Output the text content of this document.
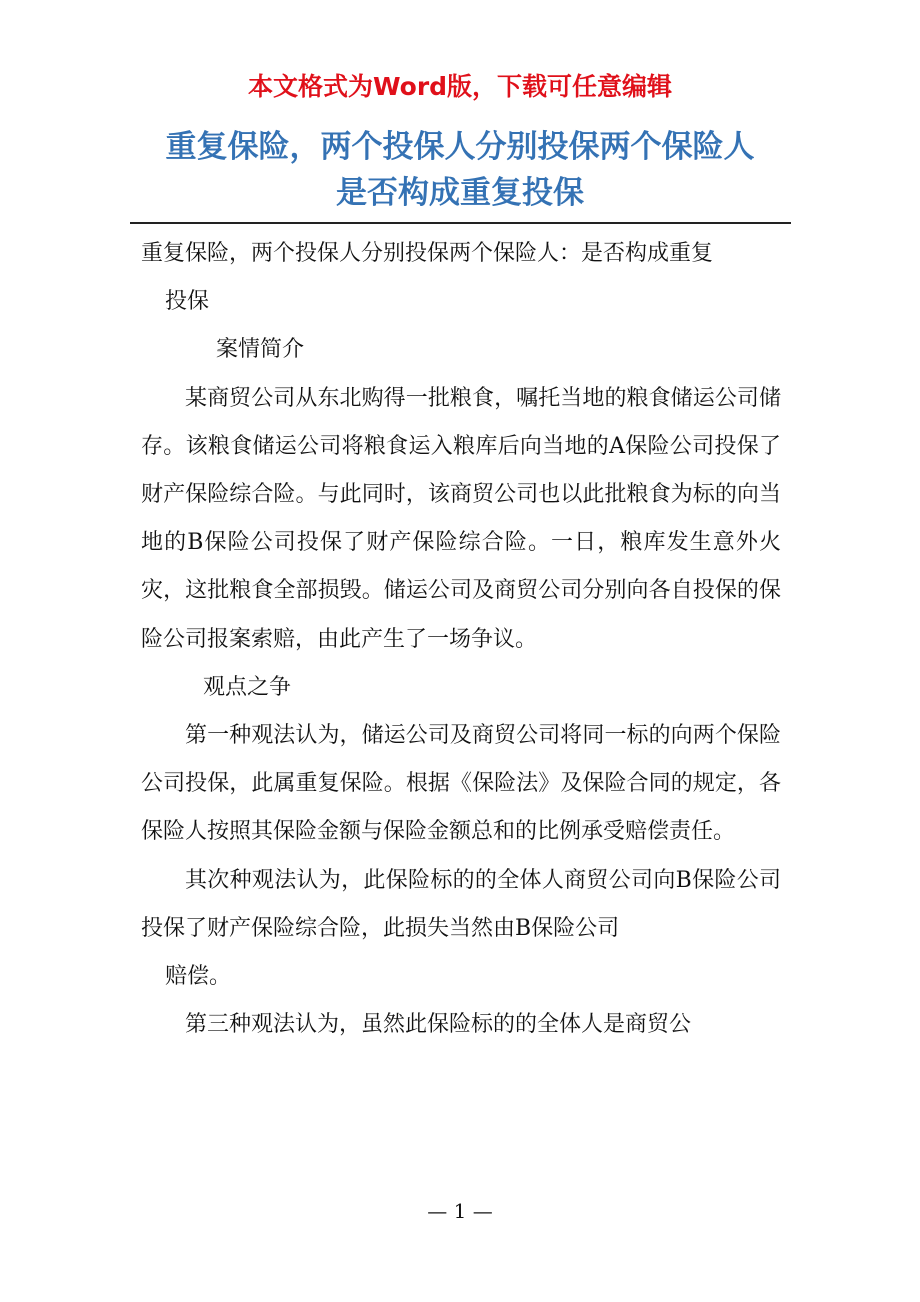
本文格式为Word版，下载可任意编辑
重复保险，两个投保人分别投保两个保险人
是否构成重复投保

重复保险，两个投保人分别投保两个保险人：是否构成重复

投保

案情简介

某商贸公司从东北购得一批粮食，嘱托当地的粮食储运公司储存。该粮食储运公司将粮食运入粮库后向当地的A保险公司投保了财产保险综合险。与此同时，该商贸公司也以此批粮食为标的向当地的B保险公司投保了财产保险综合险。一日，粮库发生意外火灾，这批粮食全部损毁。储运公司及商贸公司分别向各自投保的保险公司报案索赔，由此产生了一场争议。

观点之争

第一种观法认为，储运公司及商贸公司将同一标的向两个保险公司投保，此属重复保险。根据《保险法》及保险合同的规定，各保险人按照其保险金额与保险金额总和的比例承受赔偿责任。

其次种观法认为，此保险标的的全体人商贸公司向B保险公司投保了财产保险综合险，此损失当然由B保险公司

赔偿。

第三种观法认为，虽然此保险标的的全体人是商贸公

— 1 —
